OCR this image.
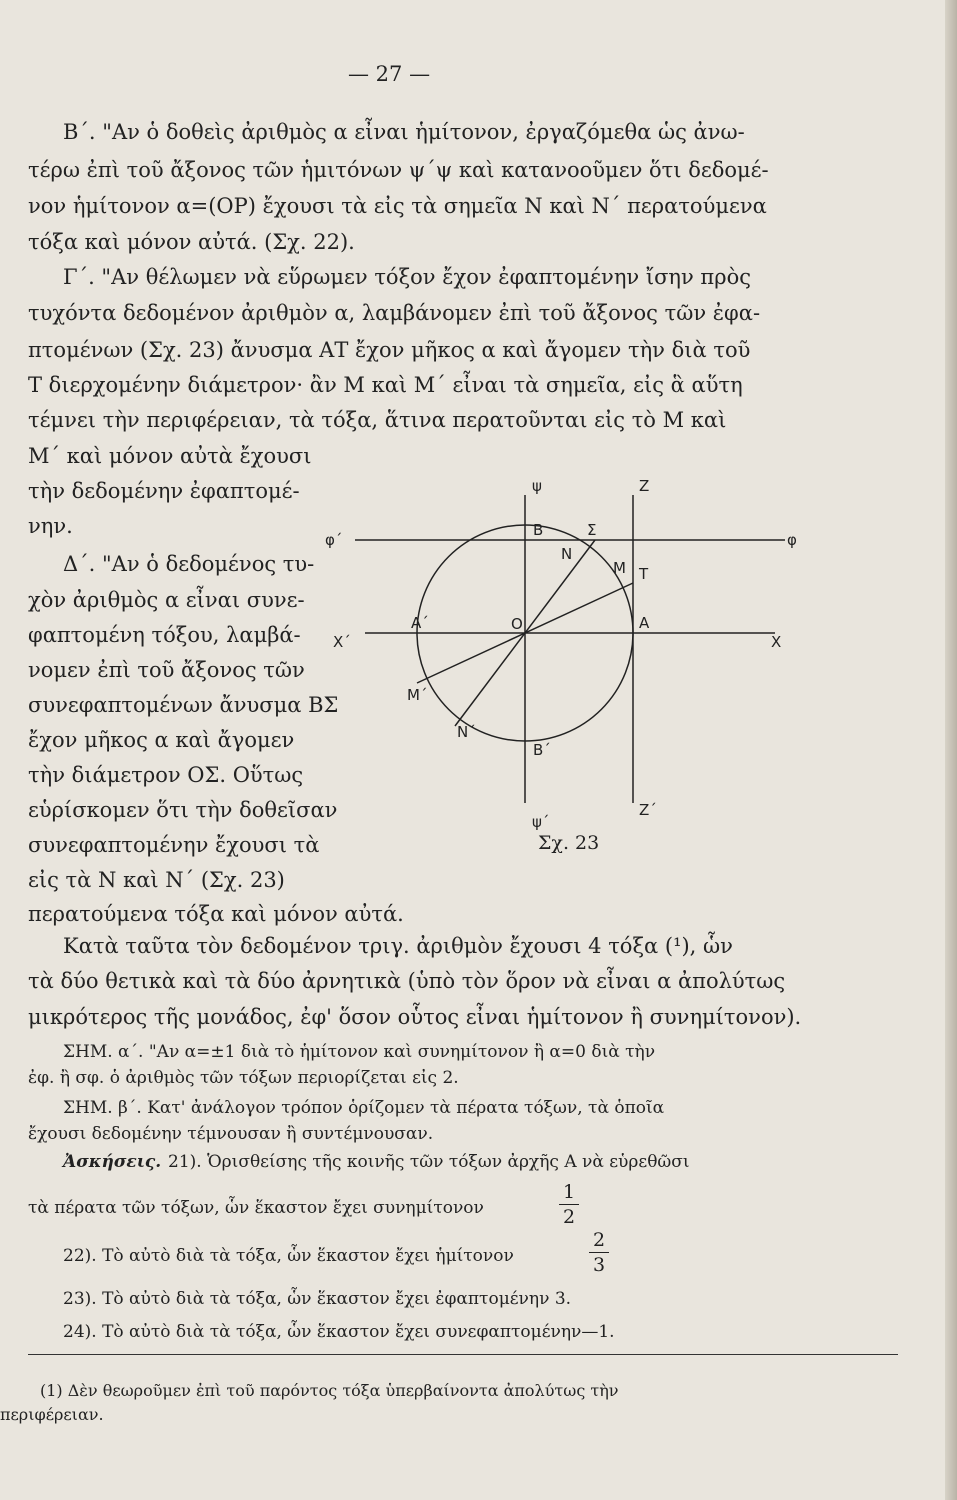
— 27 —
Β΄. "Αν ὁ δοθεὶς ἀριθμὸς α εἶναι ἡμίτονον, ἐργαζόμεθα ὡς ἀνω-
τέρω ἐπὶ τοῦ ἄξονος τῶν ἡμιτόνων ψ΄ψ καὶ κατανοοῦμεν ὅτι δεδομέ-
νον ἡμίτονον α=(OP) ἔχουσι τὰ εἰς τὰ σημεῖα Ν καὶ Ν΄ περατούμενα
τόξα καὶ μόνον αὐτά. (Σχ. 22).
Γ΄. "Αν θέλωμεν νὰ εὕρωμεν τόξον ἔχον ἐφαπτομένην ἴσην πρὸς
τυχόντα δεδομένον ἀριθμὸν α, λαμβάνομεν ἐπὶ τοῦ ἄξονος τῶν ἐφα-
πτομένων (Σχ. 23) ἄνυσμα ΑΤ ἔχον μῆκος α καὶ ἄγομεν τὴν διὰ τοῦ
Τ διερχομένην διάμετρον· ἂν Μ καὶ Μ΄ εἶναι τὰ σημεῖα, εἰς ἃ αὕτη
τέμνει τὴν περιφέρειαν, τὰ τόξα, ἅτινα περατοῦνται εἰς τὸ Μ καὶ
Μ΄ καὶ μόνον αὐτὰ ἔχουσι
τὴν δεδομένην ἐφαπτομέ-
νην.
Δ΄. "Αν ὁ δεδομένος τυ-
χὸν ἀριθμὸς α εἶναι συνε-
φαπτομένη τόξου, λαμβά-
νομεν ἐπὶ τοῦ ἄξονος τῶν
συνεφαπτομένων ἄνυσμα ΒΣ
ἔχον μῆκος α καὶ ἄγομεν
τὴν διάμετρον ΟΣ. Οὕτως
εὑρίσκομεν ὅτι τὴν δοθεῖσαν
συνεφαπτομένην ἔχουσι τὰ
εἰς τὰ Ν καὶ Ν΄ (Σχ. 23)
περατούμενα τόξα καὶ μόνον αὐτά.
ψ	Ζ
φ΄	φ
Β	Σ
Ν
Μ Τ
Χ΄
Α΄	Ο	Α
Χ
Μ΄
Ν΄
Β΄
ψ΄
Ζ΄
Σχ. 23
Κατὰ ταῦτα τὸν δεδομένον τριγ. ἀριθμὸν ἔχουσι 4 τόξα (¹), ὧν
τὰ δύο θετικὰ καὶ τὰ δύο ἀρνητικὰ (ὑπὸ τὸν ὅρον νὰ εἶναι α ἀπολύτως
μικρότερος τῆς μονάδος, ἐφ' ὅσον οὗτος εἶναι ἡμίτονον ἢ συνημίτονον).
ΣΗΜ. α΄. "Αν α=±1 διὰ τὸ ἡμίτονον καὶ συνημίτονον ἢ α=0 διὰ τὴν
ἐφ. ἢ σφ. ὁ ἀριθμὸς τῶν τόξων περιορίζεται εἰς 2.
ΣΗΜ. β΄. Κατ' ἀνάλογον τρόπον ὁρίζομεν τὰ πέρατα τόξων, τὰ ὁποῖα
ἔχουσι δεδομένην τέμνουσαν ἢ συντέμνουσαν.
Ἀσκήσεις. 21). Ὁρισθείσης τῆς κοινῆς τῶν τόξων ἀρχῆς Α νὰ εὑρεθῶσι
τὰ πέρατα τῶν τόξων, ὧν ἕκαστον ἔχει συνημίτονον
1
2
22). Τὸ αὐτὸ διὰ τὰ τόξα, ὧν ἕκαστον ἔχει ἡμίτονον
2
3
23). Τὸ αὐτὸ διὰ τὰ τόξα, ὧν ἕκαστον ἔχει ἐφαπτομένην 3.
24). Τὸ αὐτὸ διὰ τὰ τόξα, ὧν ἕκαστον ἔχει συνεφαπτομένην—1.
(1) Δὲν θεωροῦμεν ἐπὶ τοῦ παρόντος τόξα ὑπερβαίνοντα ἀπολύτως τὴν
περιφέρειαν.
